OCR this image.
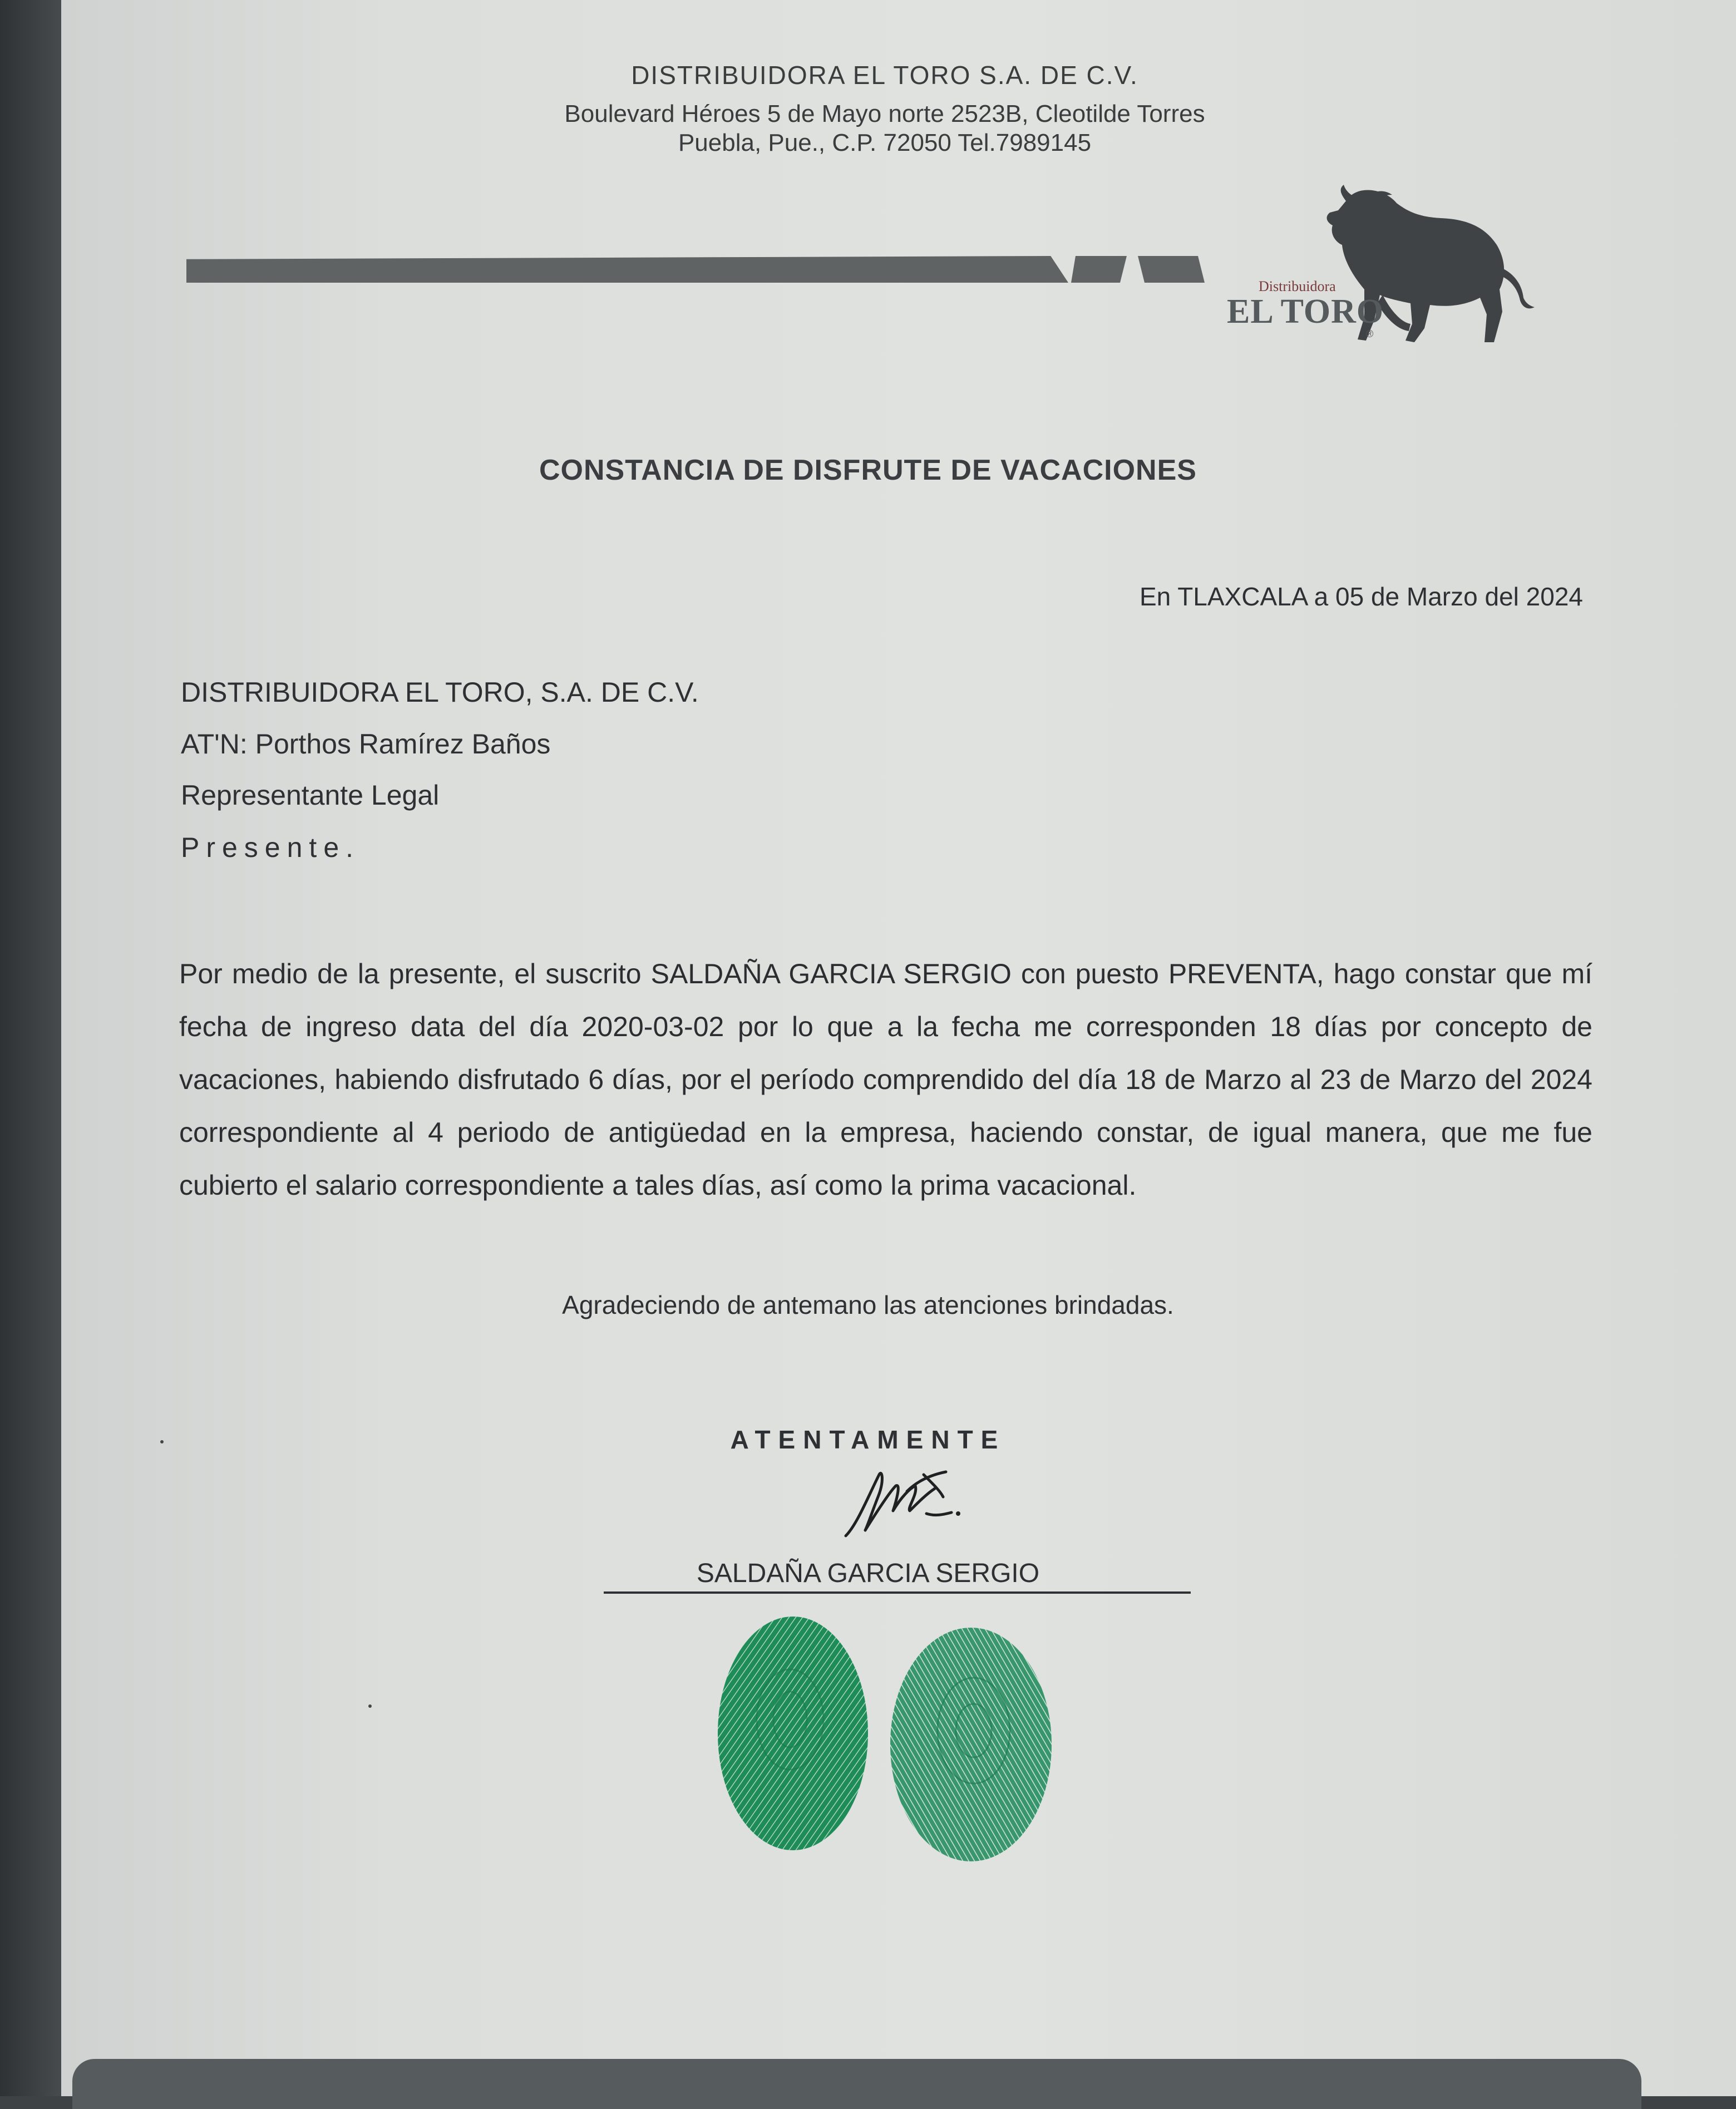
DISTRIBUIDORA EL TORO S.A. DE C.V.
Boulevard Héroes 5 de Mayo norte 2523B, Cleotilde Torres
Puebla, Pue., C.P. 72050 Tel.7989145
Distribuidora
EL TORO
®
CONSTANCIA DE DISFRUTE DE VACACIONES
En TLAXCALA a 05 de Marzo del 2024
DISTRIBUIDORA EL TORO, S.A. DE C.V.
AT'N: Porthos Ramírez Baños
Representante Legal
Presente.
Por medio de la presente, el suscrito SALDAÑA GARCIA SERGIO con puesto PREVENTA, hago constar que mí fecha de ingreso data del día 2020-03-02 por lo que a la fecha me corresponden 18 días por concepto de vacaciones, habiendo disfrutado 6 días, por el período comprendido del día 18 de Marzo al 23 de Marzo del 2024 correspondiente al 4 periodo de antigüedad en la empresa, haciendo constar, de igual manera, que me fue cubierto el salario correspondiente a tales días, así como la prima vacacional.
Agradeciendo de antemano las atenciones brindadas.
ATENTAMENTE
SALDAÑA GARCIA SERGIO
